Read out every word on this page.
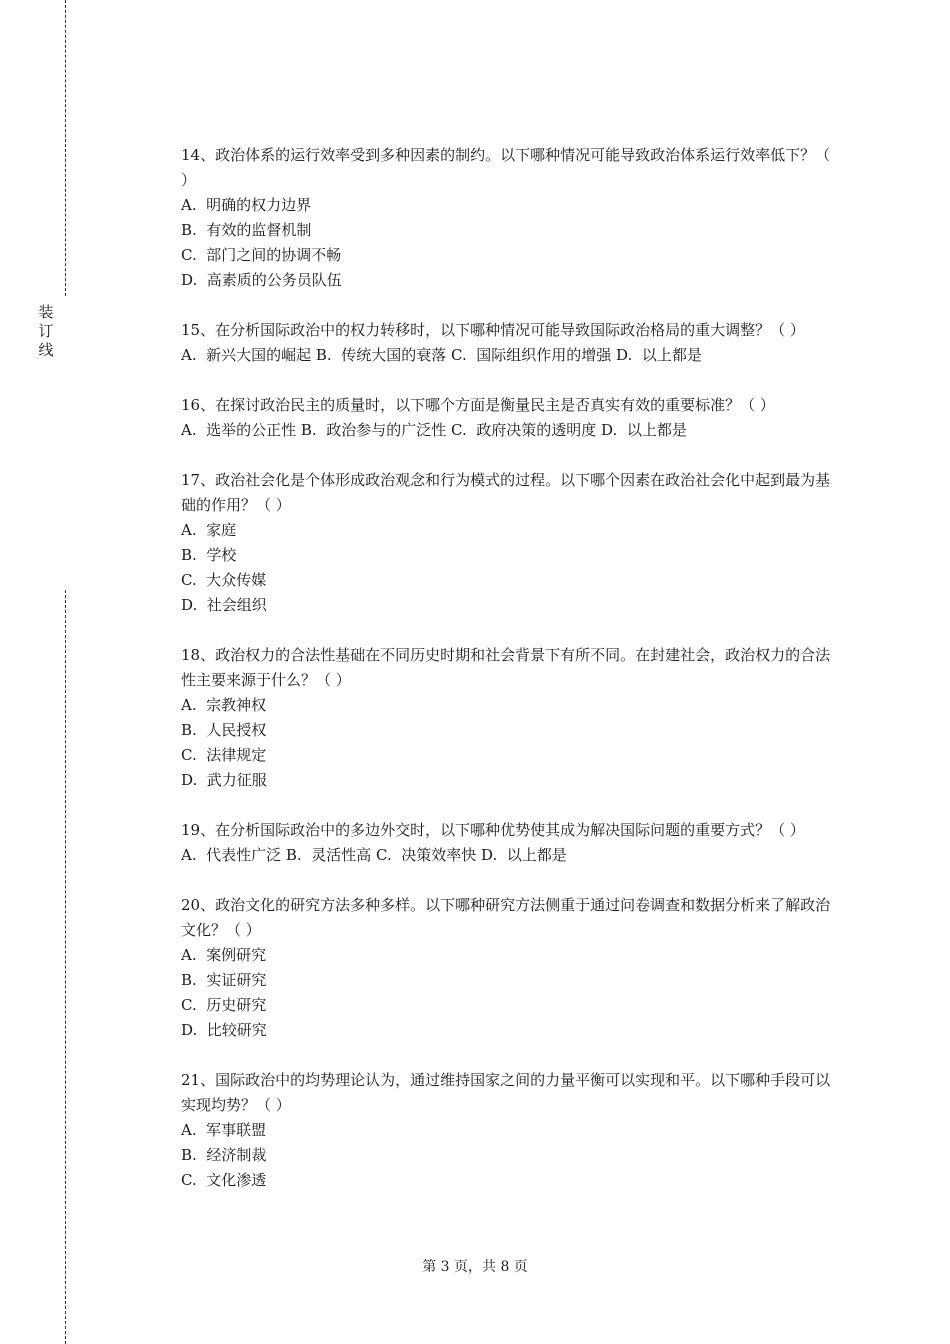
装
订
线

14、政治体系的运行效率受到多种因素的制约。以下哪种情况可能导致政治体系运行效率低下？（ ）

A.  明确的权力边界

B.  有效的监督机制

C.  部门之间的协调不畅

D.  高素质的公务员队伍

15、在分析国际政治中的权力转移时，以下哪种情况可能导致国际政治格局的重大调整？（ ）

A.  新兴大国的崛起 B.  传统大国的衰落 C.  国际组织作用的增强 D.  以上都是

16、在探讨政治民主的质量时，以下哪个方面是衡量民主是否真实有效的重要标准？（ ）

A.  选举的公正性 B.  政治参与的广泛性 C.  政府决策的透明度 D.  以上都是

17、政治社会化是个体形成政治观念和行为模式的过程。以下哪个因素在政治社会化中起到最为基础的作用？（ ）

A.  家庭

B.  学校

C.  大众传媒

D.  社会组织

18、政治权力的合法性基础在不同历史时期和社会背景下有所不同。在封建社会，政治权力的合法性主要来源于什么？（ ）

A.  宗教神权

B.  人民授权

C.  法律规定

D.  武力征服

19、在分析国际政治中的多边外交时，以下哪种优势使其成为解决国际问题的重要方式？（ ）

A.  代表性广泛 B.  灵活性高 C.  决策效率快 D.  以上都是

20、政治文化的研究方法多种多样。以下哪种研究方法侧重于通过问卷调查和数据分析来了解政治文化？（ ）

A.  案例研究

B.  实证研究

C.  历史研究

D.  比较研究

21、国际政治中的均势理论认为，通过维持国家之间的力量平衡可以实现和平。以下哪种手段可以实现均势？（ ）

A.  军事联盟

B.  经济制裁

C.  文化渗透

第 3 页，共 8 页
